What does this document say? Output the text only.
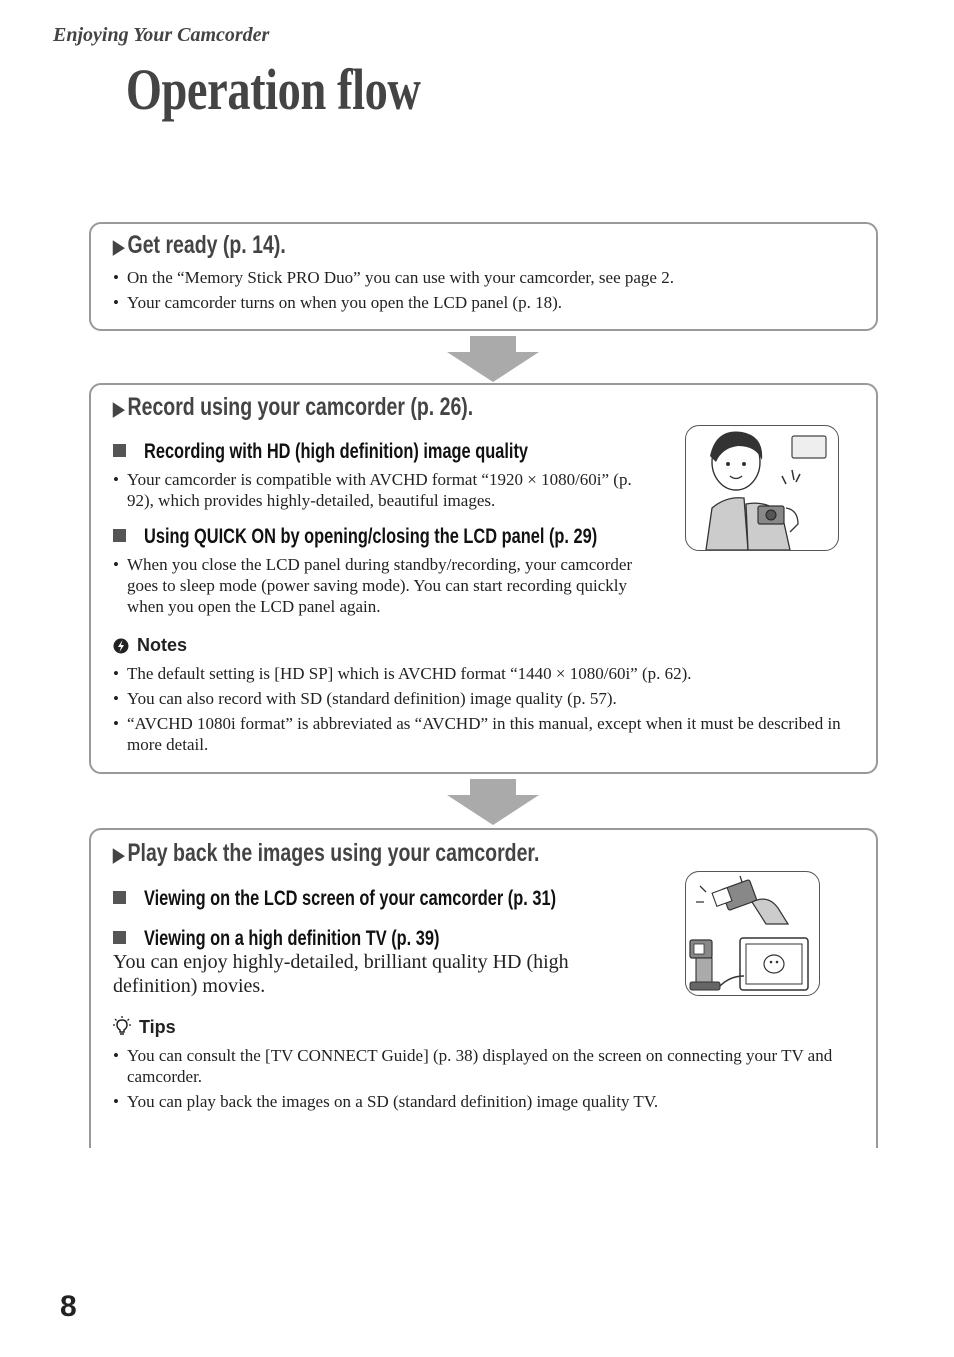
Enjoying Your Camcorder
Operation flow
▶ Get ready (p. 14).
• On the “Memory Stick PRO Duo” you can use with your camcorder, see page 2.
• Your camcorder turns on when you open the LCD panel (p. 18).
▶ Record using your camcorder (p. 26).
Recording with HD (high definition) image quality
• Your camcorder is compatible with AVCHD format “1920 × 1080/60i” (p. 92), which provides highly-detailed, beautiful images.
Using QUICK ON by opening/closing the LCD panel (p. 29)
• When you close the LCD panel during standby/recording, your camcorder goes to sleep mode (power saving mode). You can start recording quickly when you open the LCD panel again.
Notes
• The default setting is [HD SP] which is AVCHD format “1440 × 1080/60i” (p. 62).
• You can also record with SD (standard definition) image quality (p. 57).
• “AVCHD 1080i format” is abbreviated as “AVCHD” in this manual, except when it must be described in more detail.
▶ Play back the images using your camcorder.
Viewing on the LCD screen of your camcorder (p. 31)
Viewing on a high definition TV (p. 39)
You can enjoy highly-detailed, brilliant quality HD (high definition) movies.
Tips
• You can consult the [TV CONNECT Guide] (p. 38) displayed on the screen on connecting your TV and camcorder.
• You can play back the images on a SD (standard definition) image quality TV.
8
